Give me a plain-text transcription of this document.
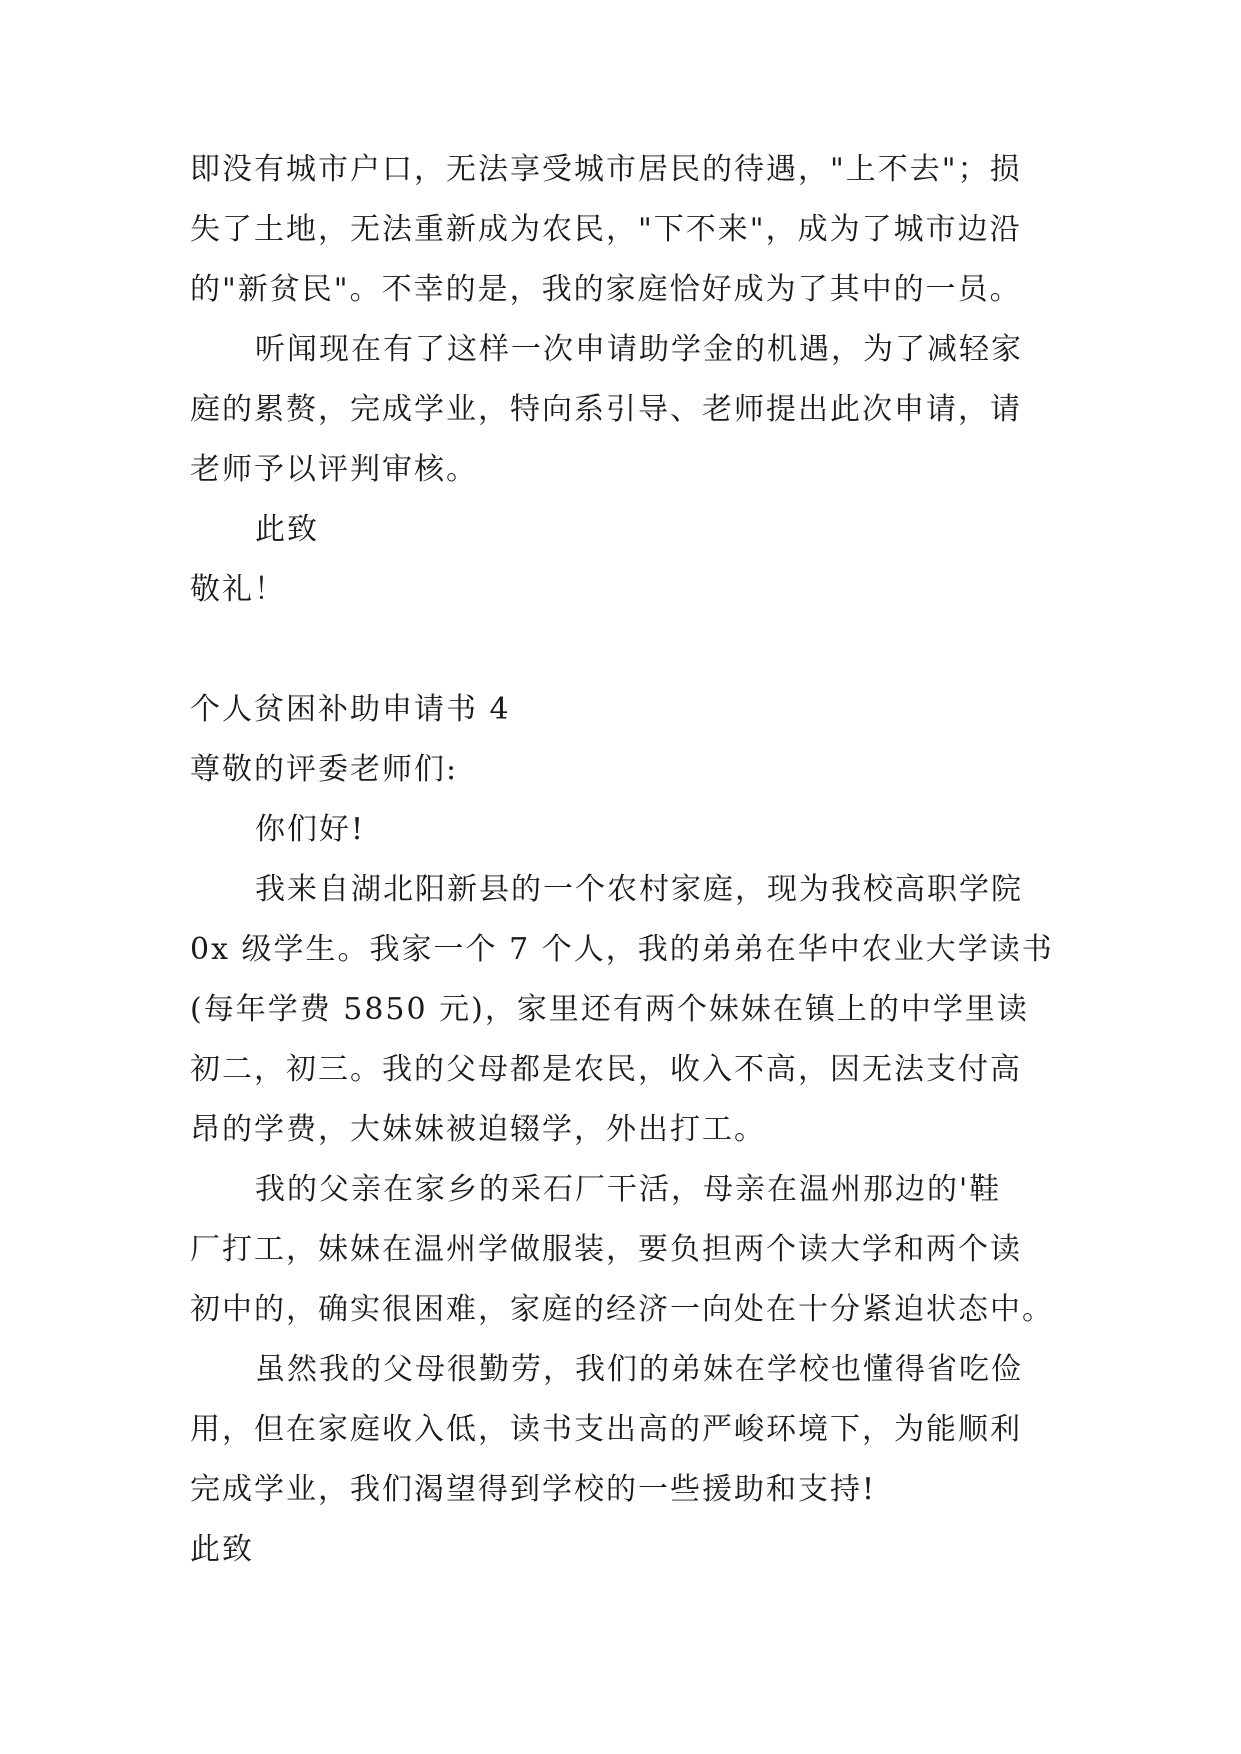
即没有城市户口，无法享受城市居民的待遇，"上不去"；损
失了土地，无法重新成为农民，"下不来"，成为了城市边沿
的"新贫民"。不幸的是，我的家庭恰好成为了其中的一员。
听闻现在有了这样一次申请助学金的机遇，为了减轻家
庭的累赘，完成学业，特向系引导、老师提出此次申请，请
老师予以评判审核。
此致
敬礼！
个人贫困补助申请书 4
尊敬的评委老师们:
你们好!
我来自湖北阳新县的一个农村家庭，现为我校高职学院
0x 级学生。我家一个 7 个人，我的弟弟在华中农业大学读书
(每年学费 5850 元)，家里还有两个妹妹在镇上的中学里读
初二，初三。我的父母都是农民，收入不高，因无法支付高
昂的学费，大妹妹被迫辍学，外出打工。
我的父亲在家乡的采石厂干活，母亲在温州那边的'鞋
厂打工，妹妹在温州学做服装，要负担两个读大学和两个读
初中的，确实很困难，家庭的经济一向处在十分紧迫状态中。
虽然我的父母很勤劳，我们的弟妹在学校也懂得省吃俭
用，但在家庭收入低，读书支出高的严峻环境下，为能顺利
完成学业，我们渴望得到学校的一些援助和支持!
此致
